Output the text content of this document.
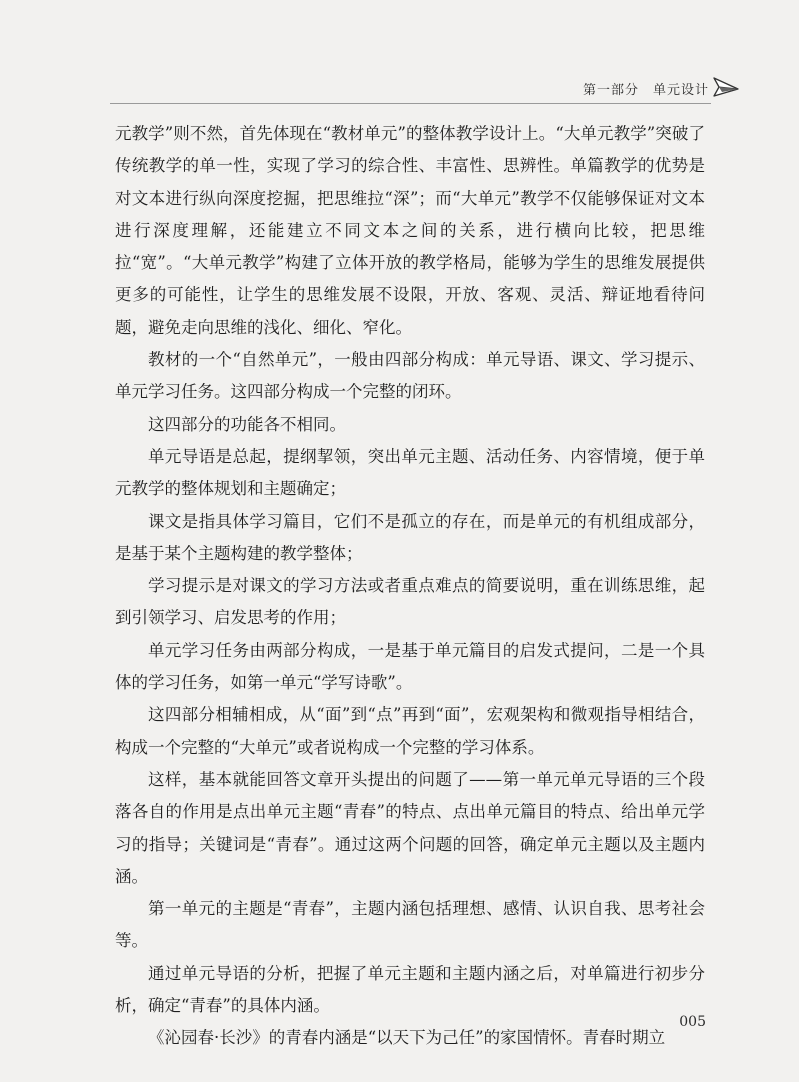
第一部分 单元设计

元教学”则不然，首先体现在“教材单元”的整体教学设计上。“大单元教学”突破了传统教学的单一性，实现了学习的综合性、丰富性、思辨性。单篇教学的优势是对文本进行纵向深度挖掘，把思维拉“深”；而“大单元”教学不仅能够保证对文本进行深度理解，还能建立不同文本之间的关系，进行横向比较，把思维拉“宽”。“大单元教学”构建了立体开放的教学格局，能够为学生的思维发展提供更多的可能性，让学生的思维发展不设限，开放、客观、灵活、辩证地看待问题，避免走向思维的浅化、细化、窄化。

教材的一个“自然单元”，一般由四部分构成：单元导语、课文、学习提示、单元学习任务。这四部分构成一个完整的闭环。

这四部分的功能各不相同。

单元导语是总起，提纲挈领，突出单元主题、活动任务、内容情境，便于单元教学的整体规划和主题确定；

课文是指具体学习篇目，它们不是孤立的存在，而是单元的有机组成部分，是基于某个主题构建的教学整体；

学习提示是对课文的学习方法或者重点难点的简要说明，重在训练思维，起到引领学习、启发思考的作用；

单元学习任务由两部分构成，一是基于单元篇目的启发式提问，二是一个具体的学习任务，如第一单元“学写诗歌”。

这四部分相辅相成，从“面”到“点”再到“面”，宏观架构和微观指导相结合，构成一个完整的“大单元”或者说构成一个完整的学习体系。

这样，基本就能回答文章开头提出的问题了——第一单元单元导语的三个段落各自的作用是点出单元主题“青春”的特点、点出单元篇目的特点、给出单元学习的指导；关键词是“青春”。通过这两个问题的回答，确定单元主题以及主题内涵。

第一单元的主题是“青春”，主题内涵包括理想、感情、认识自我、思考社会等。

通过单元导语的分析，把握了单元主题和主题内涵之后，对单篇进行初步分析，确定“青春”的具体内涵。

《沁园春·长沙》的青春内涵是“以天下为己任”的家国情怀。青春时期立

005
